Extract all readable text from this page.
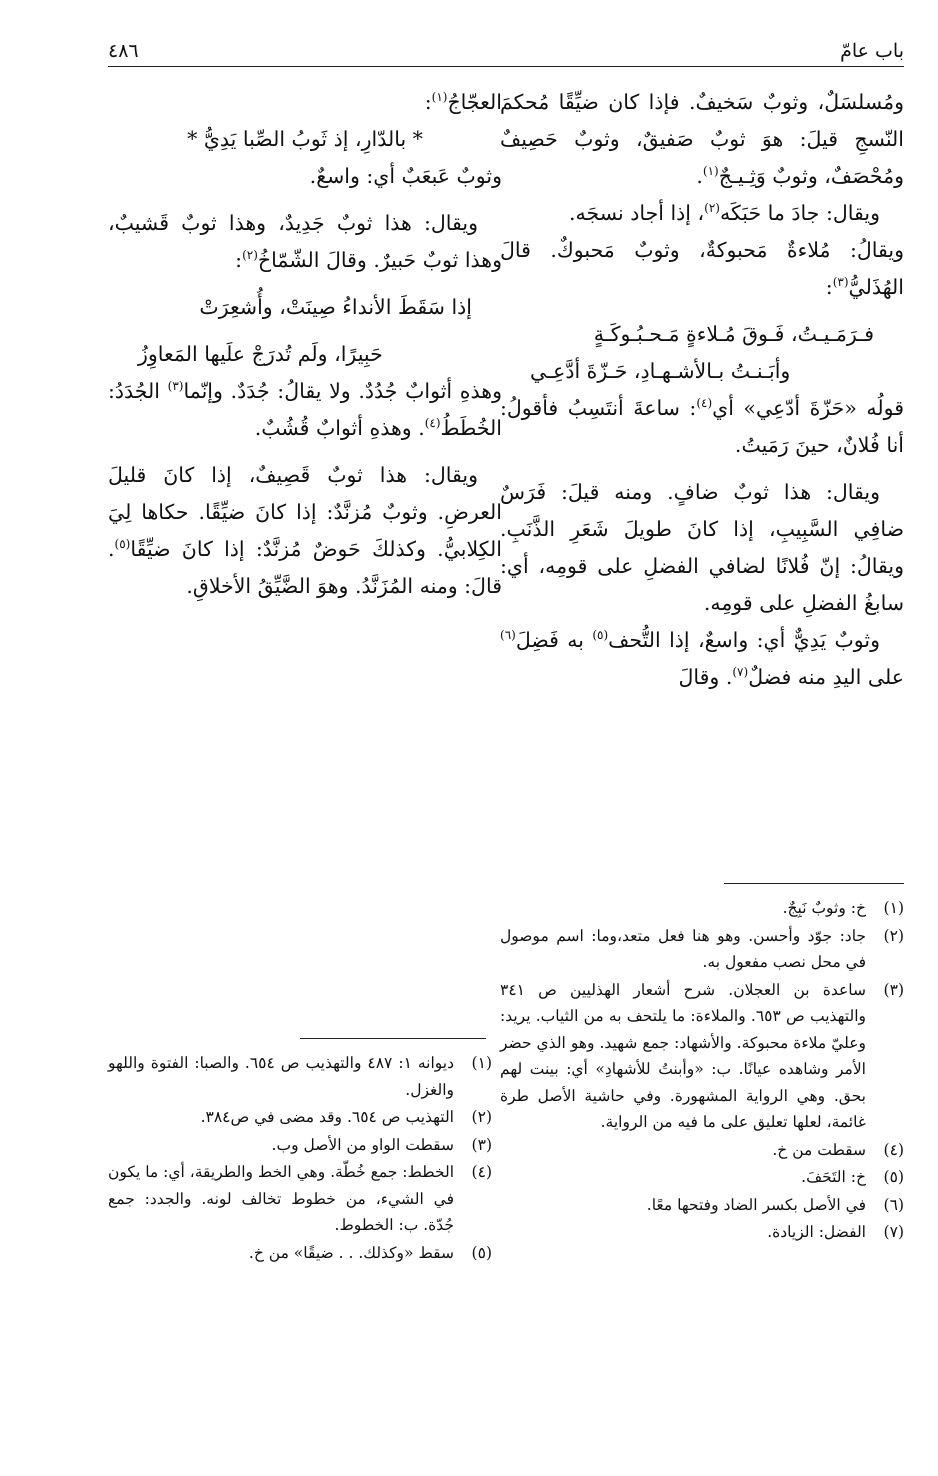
باب عامّ
٤٨٦

ومُسلسَلٌ، وثوبٌ سَخيفٌ. فإذا كان ضيِّقًا مُحكمَ النّسجِ قيلَ: هوَ ثوبٌ صَفيقٌ، وثوبٌ حَصِيفٌ ومُحْصَفٌ، وثوبٌ وَثِـيـجٌ$^{(١)}$.

ويقال: جادَ ما حَبَكَه$^{(٢)}$، إذا أجاد نسجَه.

ويقالُ: مُلاءةٌ مَحبوكةٌ، وثوبٌ مَحبوكٌ. قالَ الهُذَليُّ$^{(٣)}$:

فـرَمَـيـتُ، فَـوقَ مُـلاءةٍ مَـحـبُـوكَـةٍ

وأبَـنـتُ بـالأشـهـادِ، حَـزّةَ أدَّعِـي

قولُه «حَزّةَ أدّعِي» أي$^{(٤)}$: ساعةَ أنتَسِبُ فأقولُ: أنا فُلانٌ، حينَ رَمَيتُ.

ويقال: هذا ثوبٌ ضافٍ. ومنه قيلَ: فَرَسٌ ضافِي السَّبِيبِ، إذا كانَ طويلَ شَعَرِ الذَّنَبِ. ويقالُ: إنّ فُلانًا لضافي الفضلِ على قومِه، أي: سابغُ الفضلِ على قومِه.

وثوبٌ يَدِيٌّ أي: واسعٌ، إذا التُّحف$^{(٥)}$ به فَضِلَ$^{(٦)}$ على اليدِ منه فضلٌ$^{(٧)}$. وقالَ

العجّاجُ$^{(١)}$:

* بالدّارِ، إذ ثَوبُ الصِّبا يَدِيُّ *

وثوبٌ عَبعَبٌ أي: واسعٌ.

ويقال: هذا ثوبٌ جَدِيدٌ، وهذا ثوبٌ قَشيبٌ، وهذا ثوبٌ حَبيرٌ. وقالَ الشّمّاخُ$^{(٢)}$:

إذا سَقَطَ الأنداءُ صِينَتْ، وأُشعِرَتْ

حَبِيرًا، ولَم تُدرَجْ علَيها المَعاوِزُ

وهذهِ أثوابٌ جُدُدٌ. ولا يقالُ: جُدَدٌ. وإنّما$^{(٣)}$ الجُدَدُ: الخُطَطُ$^{(٤)}$. وهذهِ أثوابٌ قُشُبٌ.

ويقال: هذا ثوبٌ قَصِيفٌ، إذا كانَ قليلَ العرضِ. وثوبٌ مُزنَّدٌ: إذا كانَ ضيِّقًا. حكاها لِيَ الكِلابيُّ. وكذلكَ حَوضٌ مُزنَّدٌ: إذا كانَ ضيِّقًا$^{(٥)}$. قالَ: ومنه المُزَنَّدُ. وهوَ الضَّيِّقُ الأخلاقِ.

(١)
خ: وثوبٌ نَبِجٌ.
(٢)
جاد: جوّد وأحسن. وهو هنا فعل متعد،وما: اسم موصول في محل نصب مفعول به.
(٣)
ساعدة بن العجلان. شرح أشعار الهذليين ص ٣٤١ والتهذيب ص ٦٥٣. والملاءة: ما يلتحف به من الثياب. يريد: وعليّ ملاءة محبوكة. والأشهاد: جمع شهيد. وهو الذي حضر الأمر وشاهده عيانًا. ب: «وأبنتُ للأشهادِ» أي: بينت لهم بحق. وهي الرواية المشهورة. وفي حاشية الأصل طرة غائمة، لعلها تعليق على ما فيه من الرواية.
(٤)
سقطت من خ.
(٥)
خ: التَحَفَ.
(٦)
في الأصل بكسر الضاد وفتحها معًا.
(٧)
الفضل: الزيادة.
(١)
ديوانه ١: ٤٨٧ والتهذيب ص ٦٥٤. والصبا: الفتوة واللهو والغزل.
(٢)
التهذيب ص ٦٥٤. وقد مضى في ص٣٨٤.
(٣)
سقطت الواو من الأصل وب.
(٤)
الخطط: جمع خُطّة. وهي الخط والطريقة، أي: ما يكون في الشيء، من خطوط تخالف لونه. والجدد: جمع جُدّة. ب: الخطوط.
(٥)
سقط «وكذلك. . . ضيقًا» من خ.
